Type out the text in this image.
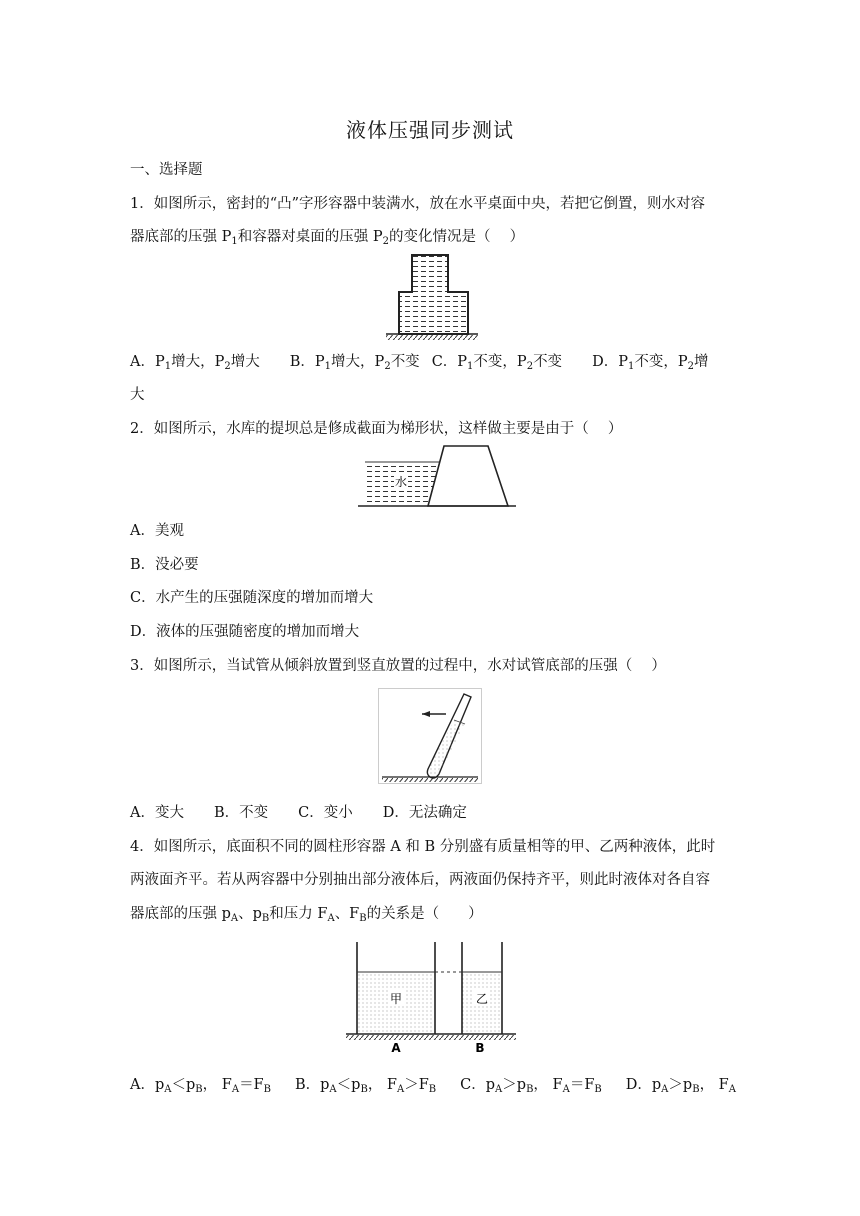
液体压强同步测试
一、选择题
1．如图所示，密封的“凸”字形容器中装满水，放在水平桌面中央，若把它倒置，则水对容
器底部的压强 $P_1$和容器对桌面的压强 $P_2$的变化情况是（　 ）
A．$P_1$增大，$P_2$增大 B．$P_1$增大，$P_2$不变 C．$P_1$不变，$P_2$不变 D．$P_1$不变，$P_2$增
大
2．如图所示，水库的提坝总是修成截面为梯形状，这样做主要是由于（　 ）
水
A．美观
B．没必要
C．水产生的压强随深度的增加而增大
D．液体的压强随密度的增加而增大
3．如图所示，当试管从倾斜放置到竖直放置的过程中，水对试管底部的压强（　 ）
A．变大 B．不变 C．变小 D．无法确定
4．如图所示，底面积不同的圆柱形容器 A 和 B 分别盛有质量相等的甲、乙两种液体，此时
两液面齐平。若从两容器中分别抽出部分液体后，两液面仍保持齐平，则此时液体对各自容
器底部的压强 $p_A$、$p_B$和压力 $F_A$、$F_B$的关系是（　　）
甲	乙
A	B
A．$p_A<p_B$， $F_A=F_B$ B．$p_A<p_B$， $F_A>F_B$ C．$p_A>p_B$， $F_A=F_B$ D．$p_A>p_B$， $F_A$
